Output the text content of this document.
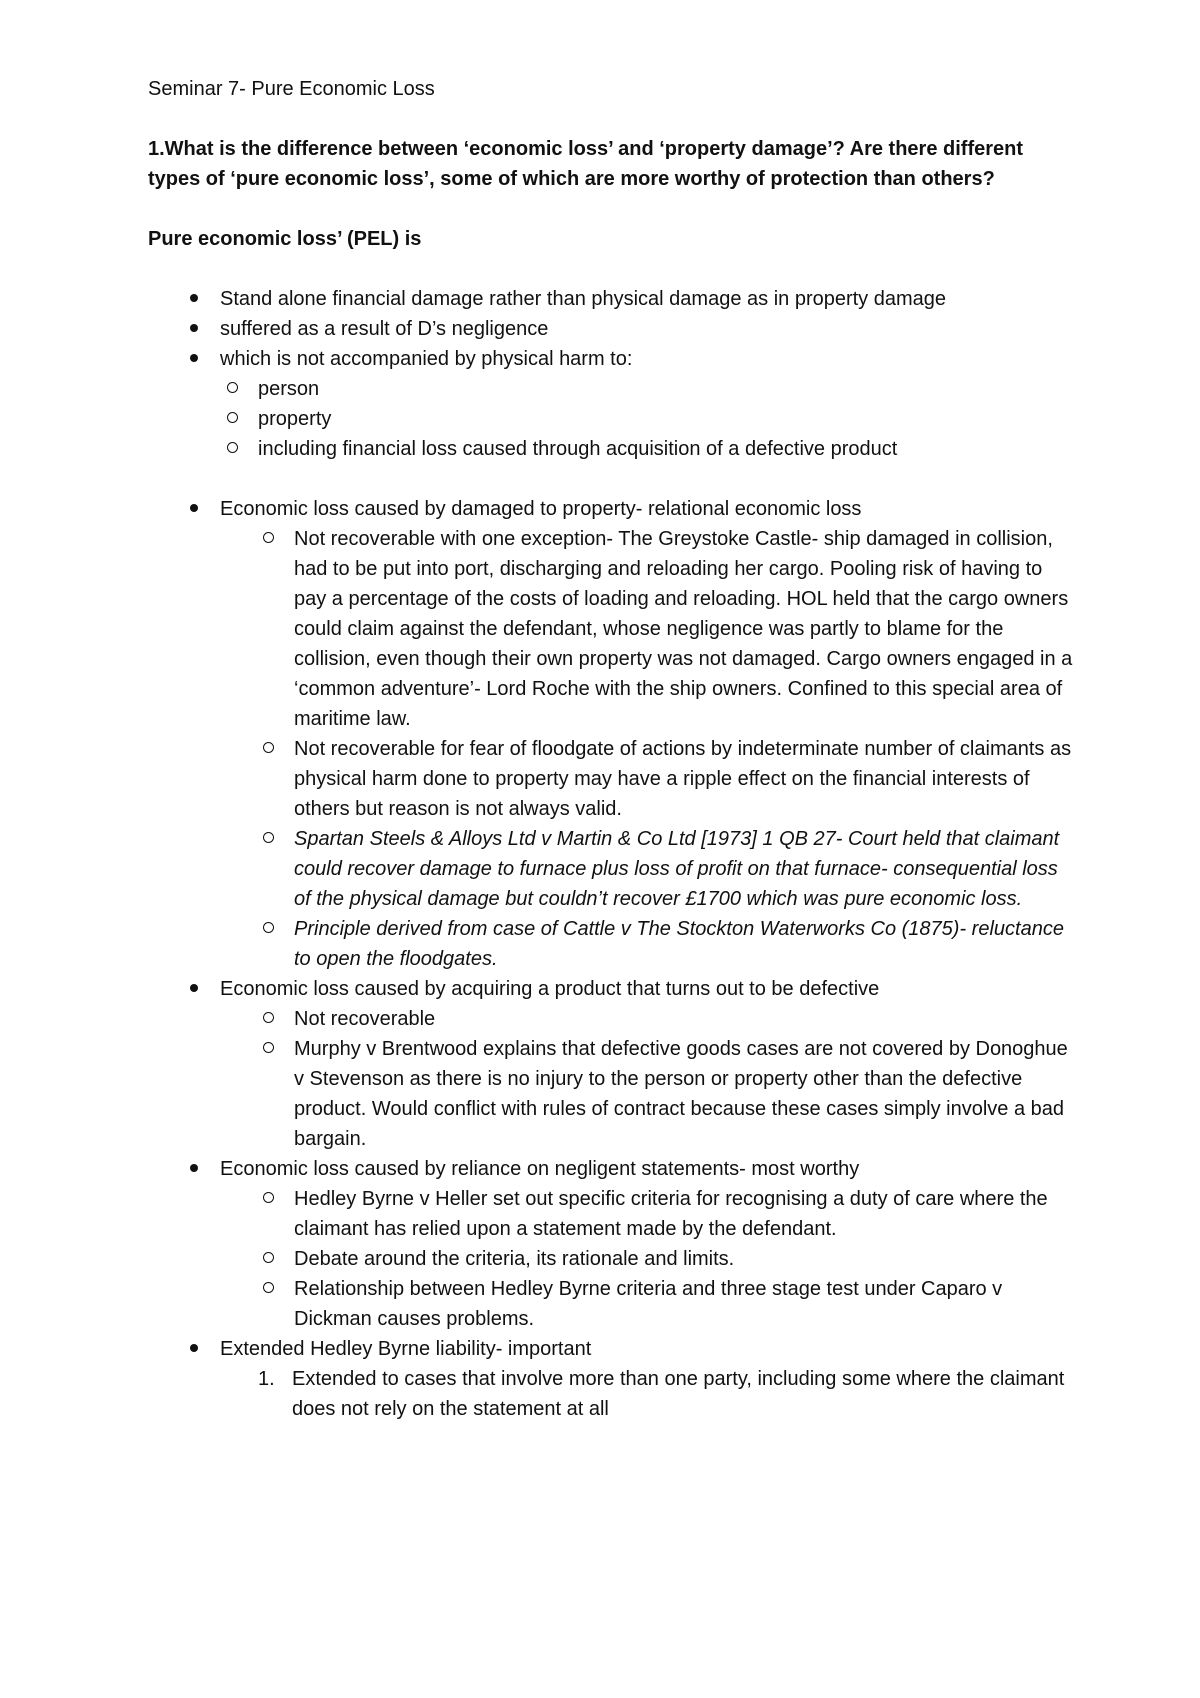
Seminar 7- Pure Economic Loss

1.What is the difference between ‘economic loss’ and ‘property damage’? Are there different types of ‘pure economic loss’, some of which are more worthy of protection than others?

Pure economic loss’ (PEL) is

Stand alone financial damage rather than physical damage as in property damage
suffered as a result of D’s negligence
which is not accompanied by physical harm to:
person
property
including financial loss caused through acquisition of a defective product
Economic loss caused by damaged to property- relational economic loss
Not recoverable with one exception- The Greystoke Castle- ship damaged in collision, had to be put into port, discharging and reloading her cargo. Pooling risk of having to pay a percentage of the costs of loading and reloading. HOL held that the cargo owners could claim against the defendant, whose negligence was partly to blame for the collision, even though their own property was not damaged. Cargo owners engaged in a ‘common adventure’- Lord Roche with the ship owners. Confined to this special area of maritime law.
Not recoverable for fear of floodgate of actions by indeterminate number of claimants as physical harm done to property may have a ripple effect on the financial interests of others but reason is not always valid.
Spartan Steels & Alloys Ltd v Martin & Co Ltd [1973] 1 QB 27- Court held that claimant could recover damage to furnace plus loss of profit on that furnace- consequential loss of the physical damage but couldn’t recover £1700 which was pure economic loss.
Principle derived from case of Cattle v The Stockton Waterworks Co (1875)- reluctance to open the floodgates.
Economic loss caused by acquiring a product that turns out to be defective
Not recoverable
Murphy v Brentwood explains that defective goods cases are not covered by Donoghue v Stevenson as there is no injury to the person or property other than the defective product. Would conflict with rules of contract because these cases simply involve a bad bargain.
Economic loss caused by reliance on negligent statements- most worthy
Hedley Byrne v Heller set out specific criteria for recognising a duty of care where the claimant has relied upon a statement made by the defendant.
Debate around the criteria, its rationale and limits.
Relationship between Hedley Byrne criteria and three stage test under Caparo v Dickman causes problems.
Extended Hedley Byrne liability- important
1. Extended to cases that involve more than one party, including some where the claimant does not rely on the statement at all
